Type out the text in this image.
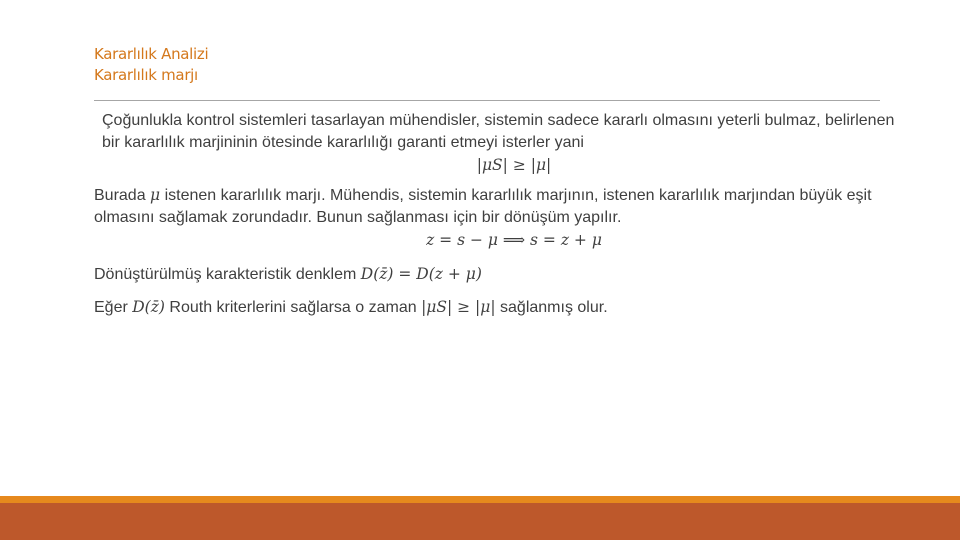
Kararlılık Analizi
Kararlılık marjı

Çoğunlukla kontrol sistemleri tasarlayan mühendisler, sistemin sadece kararlı olmasını yeterli bulmaz, belirlenen bir kararlılık marjininin ötesinde kararlılığı garanti etmeyi isterler yani

|μS| ≥ |μ|

Burada μ istenen kararlılık marjı. Mühendis, sistemin kararlılık marjının, istenen kararlılık marjından büyük eşit olmasını sağlamak zorundadır. Bunun sağlanması için bir dönüşüm yapılır.

z = s − μ ⟹ s = z + μ

Dönüştürülmüş karakteristik denklem D(z̄) = D(z + μ)

Eğer D(z̄) Routh kriterlerini sağlarsa o zaman |μS| ≥ |μ| sağlanmış olur.
